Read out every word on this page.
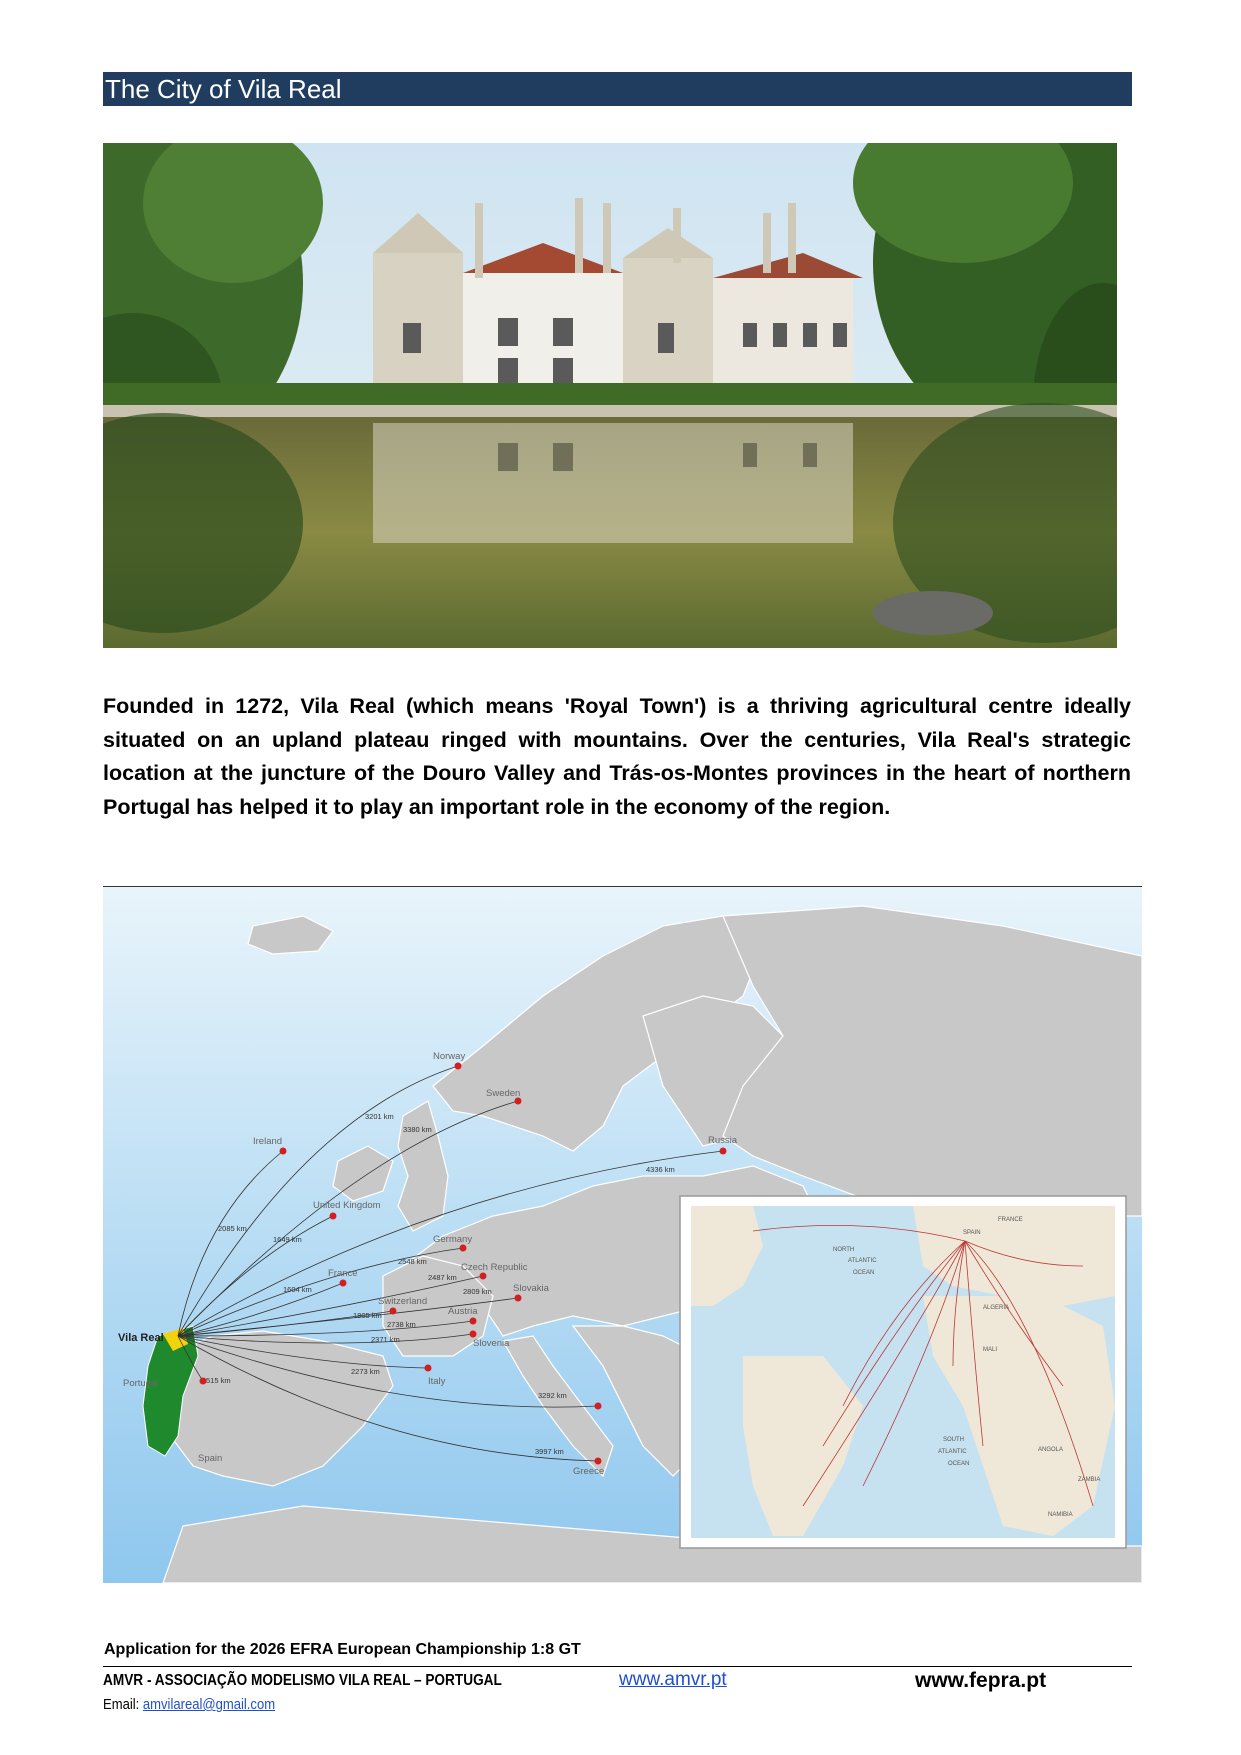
The City of Vila Real
Founded in 1272, Vila Real (which means 'Royal Town') is a thriving agricultural centre ideally situated on an upland plateau ringed with mountains. Over the centuries, Vila Real's strategic location at the juncture of the Douro Valley and Trás-os-Montes provinces in the heart of northern Portugal has helped it to play an important role in the economy of the region.
Norway
Sweden
Russia
Ireland
United Kingdom
Germany
France
Czech Republic
Slovakia
Switzerland
Austria
Slovenia
Italy
Portugal
Spain
Greece
Vila Real
3201 km
3380 km
4336 km
2085 km
1649 km
2548 km
1604 km
2487 km
2809 km
1805 km
2738 km
2371 km
2273 km
3292 km
3997 km
515 km
NORTH
ATLANTIC
OCEAN
SOUTH
ATLANTIC
OCEAN
FRANCE
SPAIN
ALGERIA
MALI
ANGOLA
NAMIBIA
ZAMBIA
Application for the 2026 EFRA European Championship 1:8 GT
AMVR - ASSOCIAÇÃO MODELISMO VILA REAL – PORTUGAL	www.amvr.pt	www.fepra.pt
Email: amvilareal@gmail.com
